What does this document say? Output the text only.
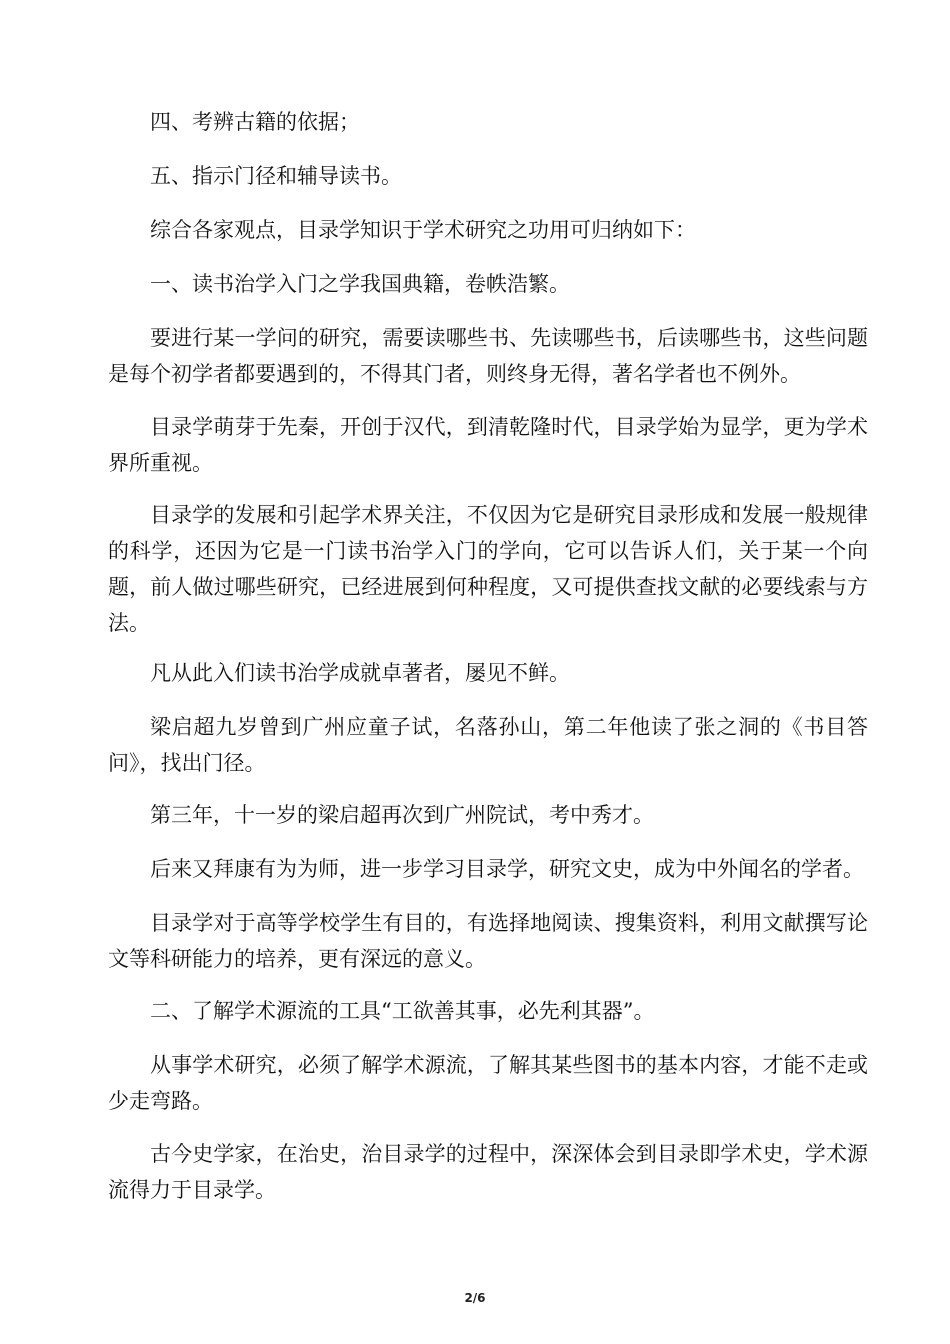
四、考辨古籍的依据；

五、指示门径和辅导读书。

综合各家观点，目录学知识于学术研究之功用可归纳如下：

一、读书治学入门之学我国典籍，卷帙浩繁。

要进行某一学问的研究，需要读哪些书、先读哪些书，后读哪些书，这些问题是每个初学者都要遇到的，不得其门者，则终身无得，著名学者也不例外。

目录学萌芽于先秦，开创于汉代，到清乾隆时代，目录学始为显学，更为学术界所重视。

目录学的发展和引起学术界关注，不仅因为它是研究目录形成和发展一般规律的科学，还因为它是一门读书治学入门的学向，它可以告诉人们，关于某一个向题，前人做过哪些研究，已经进展到何种程度，又可提供查找文献的必要线索与方法。

凡从此入们读书治学成就卓著者，屡见不鲜。

梁启超九岁曾到广州应童子试，名落孙山，第二年他读了张之洞的《书目答问》，找出门径。

第三年，十一岁的梁启超再次到广州院试，考中秀才。

后来又拜康有为为师，进一步学习目录学，研究文史，成为中外闻名的学者。

目录学对于高等学校学生有目的，有选择地阅读、搜集资料，利用文献撰写论文等科研能力的培养，更有深远的意义。

二、了解学术源流的工具“工欲善其事，必先利其器”。

从事学术研究，必须了解学术源流，了解其某些图书的基本内容，才能不走或少走弯路。

古今史学家，在治史，治目录学的过程中，深深体会到目录即学术史，学术源流得力于目录学。

2/6
